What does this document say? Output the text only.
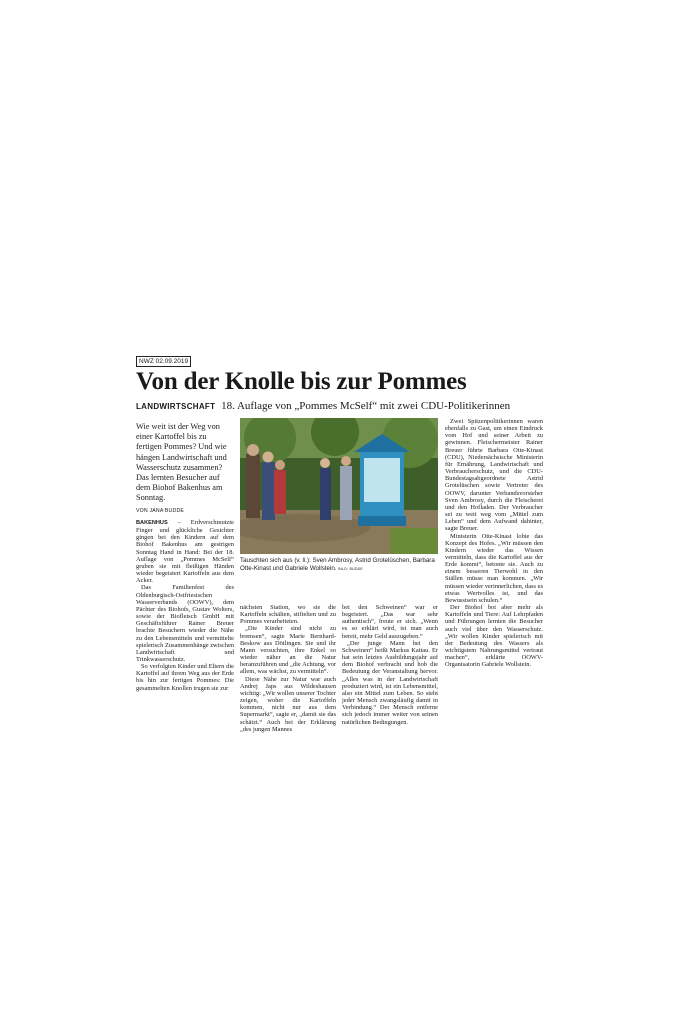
NWZ 02.09.2019
Von der Knolle bis zur Pommes
LANDWIRTSCHAFT 18. Auflage von „Pommes McSelf“ mit zwei CDU-Politikerinnen
Wie weit ist der Weg von einer Kartoffel bis zu fertigen Pommes? Und wie hängen Landwirtschaft und Wasserschutz zusammen? Das lernten Besucher auf dem Biohof Bakenhus am Sonntag.
VON JANA BUDDE

BAKENHUS – Erdverschmutzte Finger und glückliche Gesichter gingen bei den Kindern auf dem Biohof Bakenhus am gestrigen Sonntag Hand in Hand: Bei der 18. Auflage von „Pommes McSelf“ gruben sie mit fleißigen Händen wieder begeistert Kartoffeln aus dem Acker.

Das Familienfest des Oldenburgisch-Ostfriesischen Wasserverbands (OOWV), dem Pächter des Biohofs, Gustav Wolters, sowie der Biofleisch GmbH mit Geschäftsführer Rainer Breuer brachte Besuchern wieder die Nähe zu den Lebensmitteln und vermittelte spielerisch Zusammenhänge zwischen Landwirtschaft und Trinkwasserschutz.

So verfolgten Kinder und Eltern die Kartoffel auf ihrem Weg aus der Erde bis hin zur fertigen Pommes: Die gesammelten Knollen trugen sie zur

Tauschten sich aus (v. li.): Sven Ambrosy, Astrid Grotelüschen, Barbara Otte-Kinast und Gabriele Wollstein. BILD: BUDDE

nächsten Station, wo sie die Kartoffeln schälten, stiftelten und zu Pommes verarbeiteten.

„Die Kinder sind nicht zu bremsen“, sagte Marie Bernhard-Beskow aus Dötlingen. Sie und ihr Mann versuchten, ihre Enkel so wieder näher an die Natur heranzuführen und „die Achtung, vor allem, was wächst, zu vermitteln“.

Diese Nähe zur Natur war auch Andrej Japs aus Wildeshausen wichtig: „Wir wollen unserer Tochter zeigen, woher die Kartoffeln kommen, nicht nur aus dem Supermarkt“, sagte er, „damit sie das schätzt.“ Auch bei der Erklärung „des jungen Mannes

bei den Schweinen“ war er begeistert. „Das war sehr authentisch“, freute er sich. „Wenn es so erklärt wird, ist man auch bereit, mehr Geld auszugeben.“

„Der junge Mann bei den Schweinen“ heißt Markus Kattau. Er hat sein letztes Ausbildungsjahr auf dem Biohof verbracht und hob die Bedeutung der Veranstaltung hervor. „Alles was in der Landwirtschaft produziert wird, ist ein Lebensmittel, also ein Mittel zum Leben. So steht jeder Mensch zwangsläufig damit in Verbindung.“ Der Mensch entferne sich jedoch immer weiter von seinen natürlichen Bedingungen.

Zwei Spitzenpolitikerinnen waren ebenfalls zu Gast, um einen Eindruck vom Hof und seiner Arbeit zu gewinnen. Fleischermeister Rainer Breuer führte Barbara Otte-Kinast (CDU), Niedersächsische Ministerin für Ernährung, Landwirtschaft und Verbraucherschutz, und die CDU-Bundestagsabgeordnete Astrid Grotelüschen sowie Vertreter des OOWV, darunter Verbandsvorsteher Sven Ambrosy, durch die Fleischerei und den Hofladen. Der Verbraucher sei zu weit weg vom „Mittel zum Leben“ und dem Aufwand dahinter, sagte Breuer.

Ministerin Otte-Kinast lobte das Konzept des Hofes. „Wir müssen den Kindern wieder das Wissen vermitteln, dass die Kartoffel aus der Erde kommt“, betonte sie. Auch zu einem besseren Tierwohl in den Ställen müsse man kommen. „Wir müssen wieder verinnerlichen, dass es etwas Wertvolles ist, und das Bewusstsein schulen.“

Der Biohof bot aber mehr als Kartoffeln und Tiere: Auf Lehrpfaden und Führungen lernten die Besucher auch viel über den Wasserschutz. „Wir wollen Kinder spielerisch mit der Bedeutung des Wassers als wichtigstem Nahrungsmittel vertraut machen“, erklärte OOWV-Organisatorin Gabriele Wollstein.
